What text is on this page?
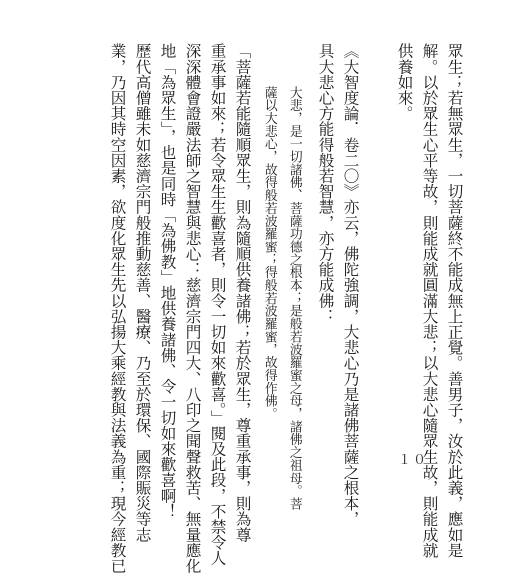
眾生；若無眾生，一切菩薩終不能成無上正覺。善男子，汝於此義，應如是
解。以於眾生心平等故，則能成就圓滿大悲；以大悲心隨眾生故，則能成就
供養如來。
《大智度論．卷二〇》亦云，佛陀強調，大悲心乃是諸佛菩薩之根本，
具大悲心方能得般若智慧，亦方能成佛：
大悲，是一切諸佛、菩薩功德之根本；是般若波羅蜜之母，諸佛之祖母。菩
薩以大悲心，故得般若波羅蜜；得般若波羅蜜，故得作佛。
「菩薩若能隨順眾生，則為隨順供養諸佛；若於眾生，尊重承事，則為尊
重承事如來；若令眾生生歡喜者，則令一切如來歡喜。」閱及此段，不禁令人
深深體會證嚴法師之智慧與悲心：慈濟宗門四大、八印之聞聲救苦、無量應化
地「為眾生」，也是同時「為佛教」地供養諸佛、令一切如來歡喜啊！
歷代高僧雖未如慈濟宗門般推動慈善、醫療、乃至於環保、國際賑災等志
業，乃因其時空因素，欲度化眾生先以弘揚大乘經教與法義為重；現今經教已	１０
